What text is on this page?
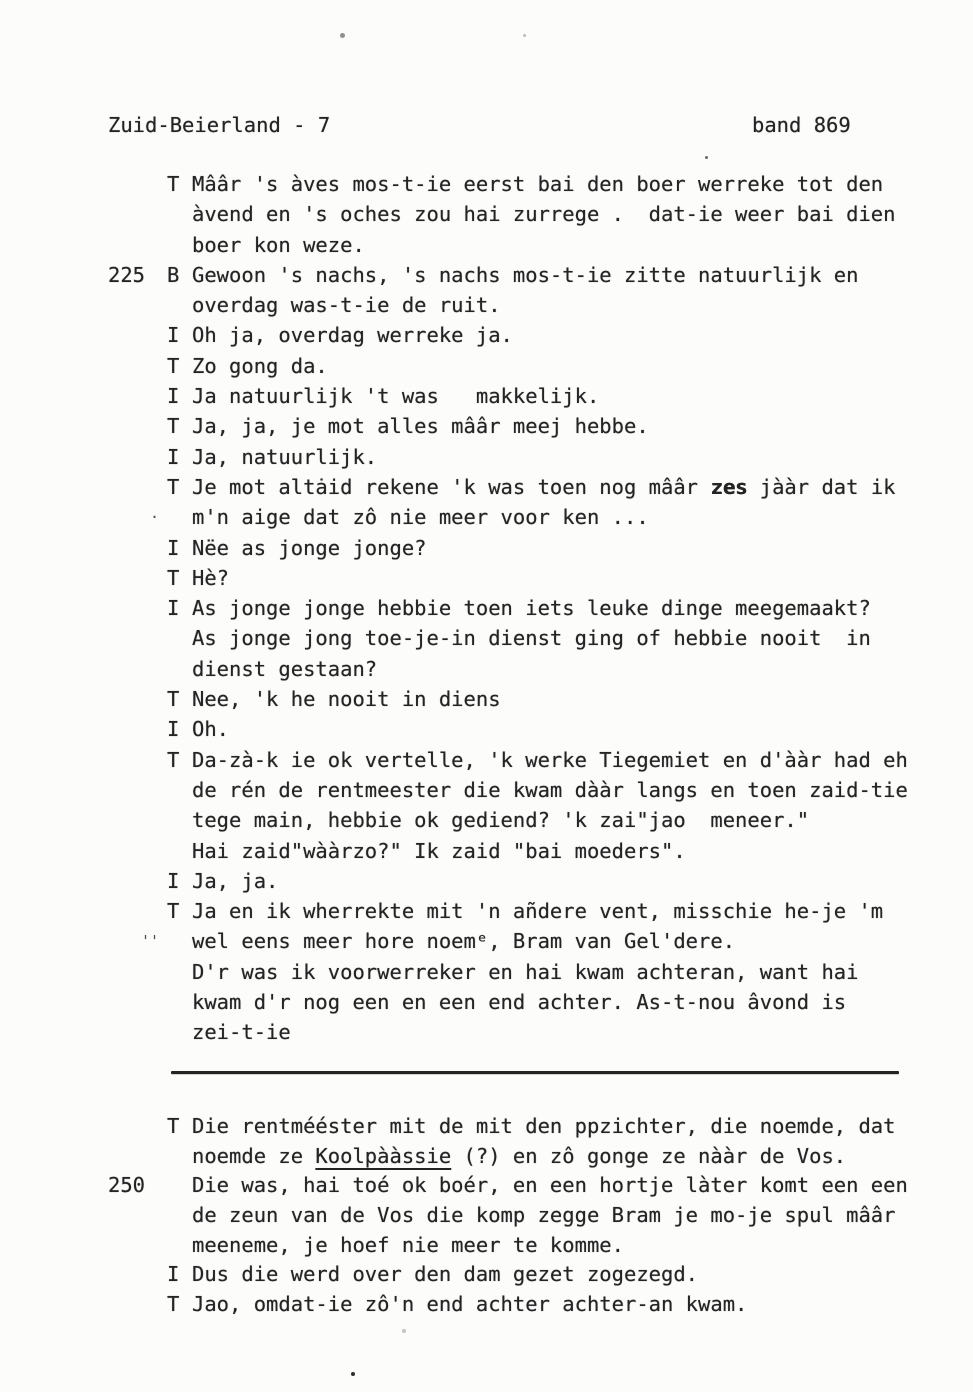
Zuid-Beierland - 7	band 869
T Mââr 's àves mos-t-ie eerst bai den boer werreke tot den
àvend en 's oches zou hai zurrege .  dat-ie weer bai dien
boer kon weze.
225	B Gewoon 's nachs, 's nachs mos-t-ie zitte natuurlijk en
overdag was-t-ie de ruit.
I Oh ja, overdag werreke ja.
T Zo gong da.
I Ja natuurlijk 't was   makkelijk.
T Ja, ja, je mot alles mââr meej hebbe.
I Ja, natuurlijk.
T Je mot altȧid rekene 'k was toen nog mââr zes jààr dat ik
·	m'n aige dat zô nie meer voor ken ...
I Nëe as jonge jonge?
T Hè?
I As jonge jonge hebbie toen iets leuke dinge meegemaakt?
As jonge jong toe-je-in dienst ging of hebbie nooit  in
dienst gestaan?
T Nee, 'k he nooit in diens
I Oh.
T Da-zà-k ie ok vertelle, 'k werke Tiegemiet en d'ààr had eh
de rén de rentmeester die kwam dààr langs en toen zaid-tie
tege main, hebbie ok gediend? 'k zai"jao  meneer."
Hai zaid"wààrzo?" Ik zaid "bai moeders".
I Ja, ja.
T Ja en ik wherrekte mit 'n añdere vent, misschie he-je 'm
''	wel eens meer hore noemᵉ, Bram van Gel'dere.
D'r was ik voorwerreker en hai kwam achteran, want hai
kwam d'r nog een en een end achter. As-t-nou âvond is
zei-t-ie
T Die rentmééster mit de mit den ppzichter, die noemde, dat
noemde ze Koolpààssie (?) en zô gonge ze nààr de Vos.
250	Die was, hai toé ok boér, en een hortje làter komt een een
de zeun van de Vos die komp zegge Bram je mo-je spul mââr
meeneme, je hoef nie meer te komme.
I Dus die werd over den dam gezet zogezegd.
T Jao, omdat-ie zô'n end achter achter-an kwam.
